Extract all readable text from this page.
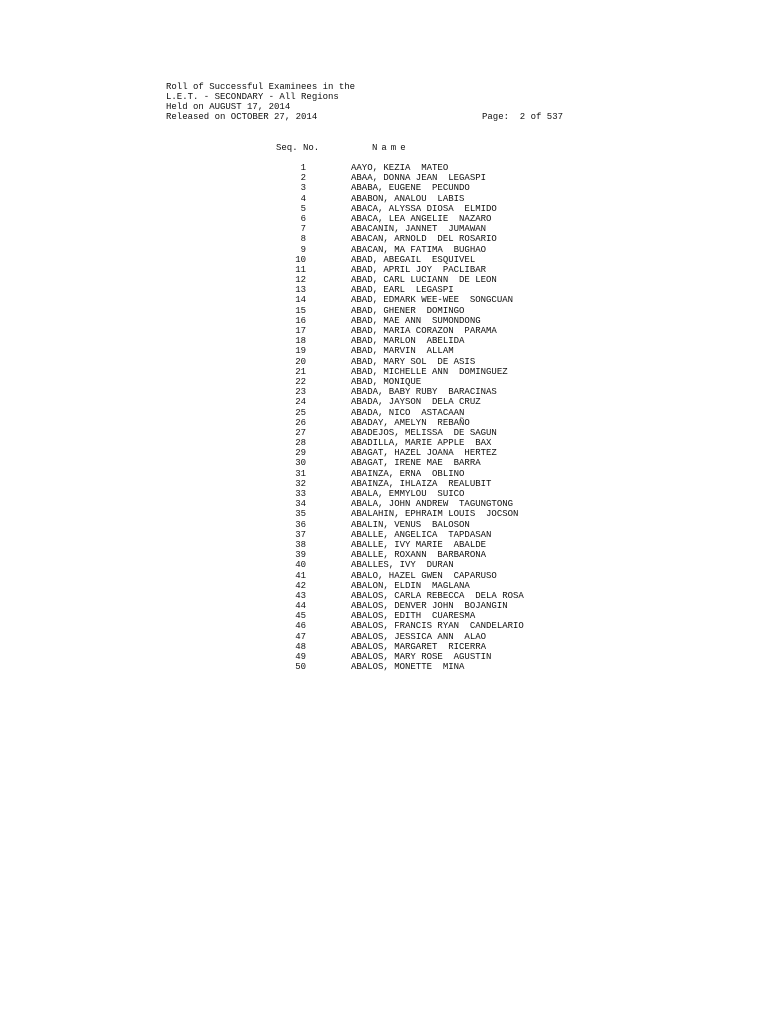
Roll of Successful Examinees in the
L.E.T. - SECONDARY - All Regions
Held on AUGUST 17, 2014
Released on OCTOBER 27, 2014	Page:  2 of 537
Seq. No.	Name
1	AAYO, KEZIA  MATEO
2	ABAA, DONNA JEAN  LEGASPI
3	ABABA, EUGENE  PECUNDO
4	ABABON, ANALOU  LABIS
5	ABACA, ALYSSA DIOSA  ELMIDO
6	ABACA, LEA ANGELIE  NAZARO
7	ABACANIN, JANNET  JUMAWAN
8	ABACAN, ARNOLD  DEL ROSARIO
9	ABACAN, MA FATIMA  BUGHAO
10	ABAD, ABEGAIL  ESQUIVEL
11	ABAD, APRIL JOY  PACLIBAR
12	ABAD, CARL LUCIANN  DE LEON
13	ABAD, EARL  LEGASPI
14	ABAD, EDMARK WEE-WEE  SONGCUAN
15	ABAD, GHENER  DOMINGO
16	ABAD, MAE ANN  SUMONDONG
17	ABAD, MARIA CORAZON  PARAMA
18	ABAD, MARLON  ABELIDA
19	ABAD, MARVIN  ALLAM
20	ABAD, MARY SOL  DE ASIS
21	ABAD, MICHELLE ANN  DOMINGUEZ
22	ABAD, MONIQUE
23	ABADA, BABY RUBY  BARACINAS
24	ABADA, JAYSON  DELA CRUZ
25	ABADA, NICO  ASTACAAN
26	ABADAY, AMELYN  REBAÑO
27	ABADEJOS, MELISSA  DE SAGUN
28	ABADILLA, MARIE APPLE  BAX
29	ABAGAT, HAZEL JOANA  HERTEZ
30	ABAGAT, IRENE MAE  BARRA
31	ABAINZA, ERNA  OBLINO
32	ABAINZA, IHLAIZA  REALUBIT
33	ABALA, EMMYLOU  SUICO
34	ABALA, JOHN ANDREW  TAGUNGTONG
35	ABALAHIN, EPHRAIM LOUIS  JOCSON
36	ABALIN, VENUS  BALOSON
37	ABALLE, ANGELICA  TAPDASAN
38	ABALLE, IVY MARIE  ABALDE
39	ABALLE, ROXANN  BARBARONA
40	ABALLES, IVY  DURAN
41	ABALO, HAZEL GWEN  CAPARUSO
42	ABALON, ELDIN  MAGLANA
43	ABALOS, CARLA REBECCA  DELA ROSA
44	ABALOS, DENVER JOHN  BOJANGIN
45	ABALOS, EDITH  CUARESMA
46	ABALOS, FRANCIS RYAN  CANDELARIO
47	ABALOS, JESSICA ANN  ALAO
48	ABALOS, MARGARET  RICERRA
49	ABALOS, MARY ROSE  AGUSTIN
50	ABALOS, MONETTE  MINA
